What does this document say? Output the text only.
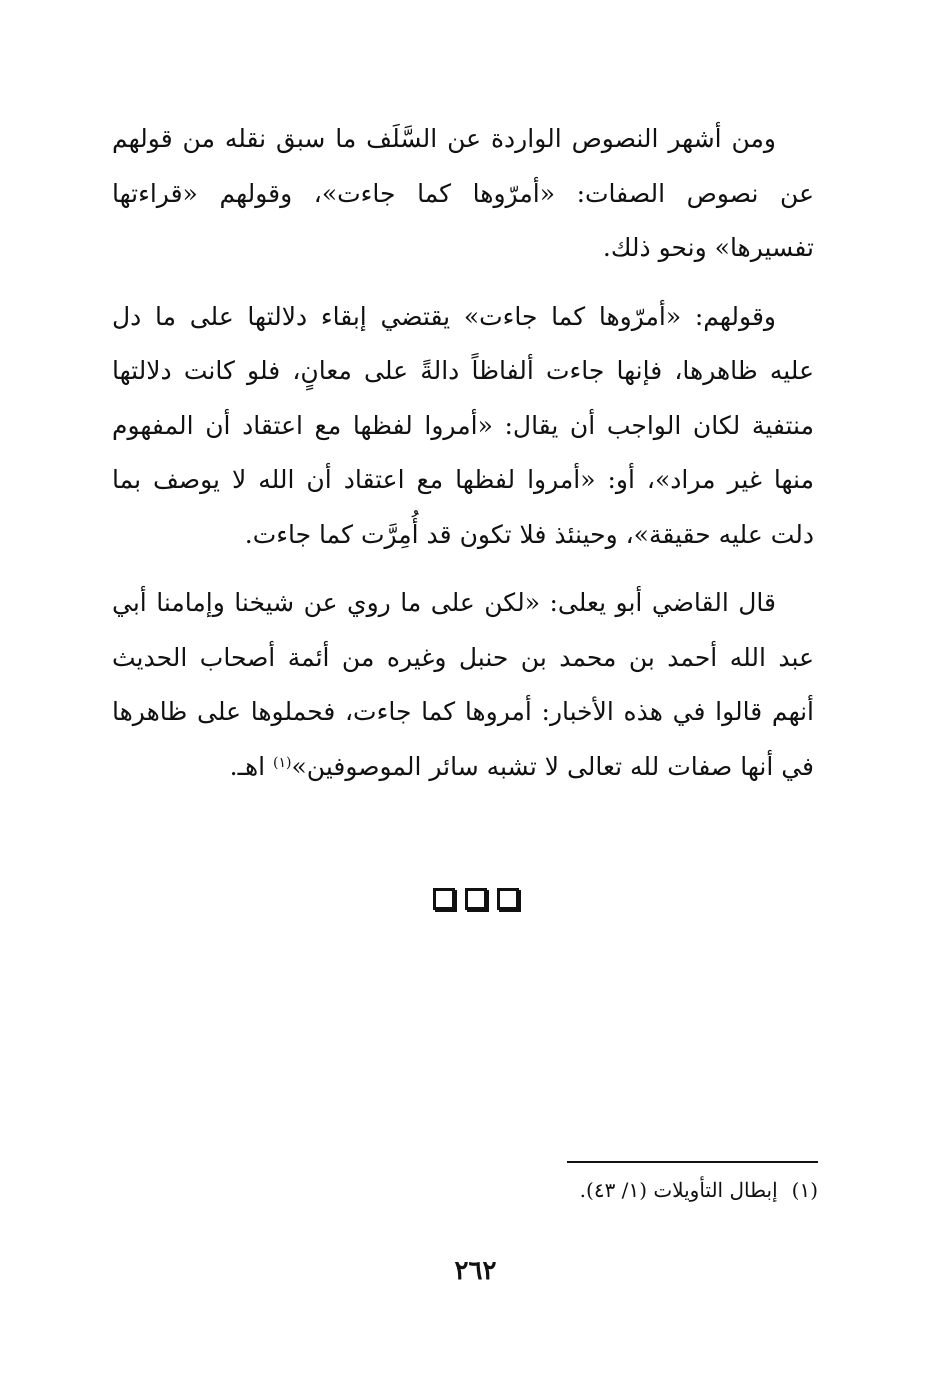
ومن أشهر النصوص الواردة عن السَّلَف ما سبق نقله من قولهم عن نصوص الصفات: «أمرّوها كما جاءت»، وقولهم «قراءتها تفسيرها» ونحو ذلك.

وقولهم: «أمرّوها كما جاءت» يقتضي إبقاء دلالتها على ما دل عليه ظاهرها، فإنها جاءت ألفاظاً دالةً على معانٍ، فلو كانت دلالتها منتفية لكان الواجب أن يقال: «أمروا لفظها مع اعتقاد أن المفهوم منها غير مراد»، أو: «أمروا لفظها مع اعتقاد أن الله لا يوصف بما دلت عليه حقيقة»، وحينئذ فلا تكون قد أُمِرَّت كما جاءت.

قال القاضي أبو يعلى: «لكن على ما روي عن شيخنا وإمامنا أبي عبد الله أحمد بن محمد بن حنبل وغيره من أئمة أصحاب الحديث أنهم قالوا في هذه الأخبار: أمروها كما جاءت، فحملوها على ظاهرها في أنها صفات لله تعالى لا تشبه سائر الموصوفين»$^{(١)}$ اهـ.

(١)إبطال التأويلات (١/ ٤٣).
٢٦٢
